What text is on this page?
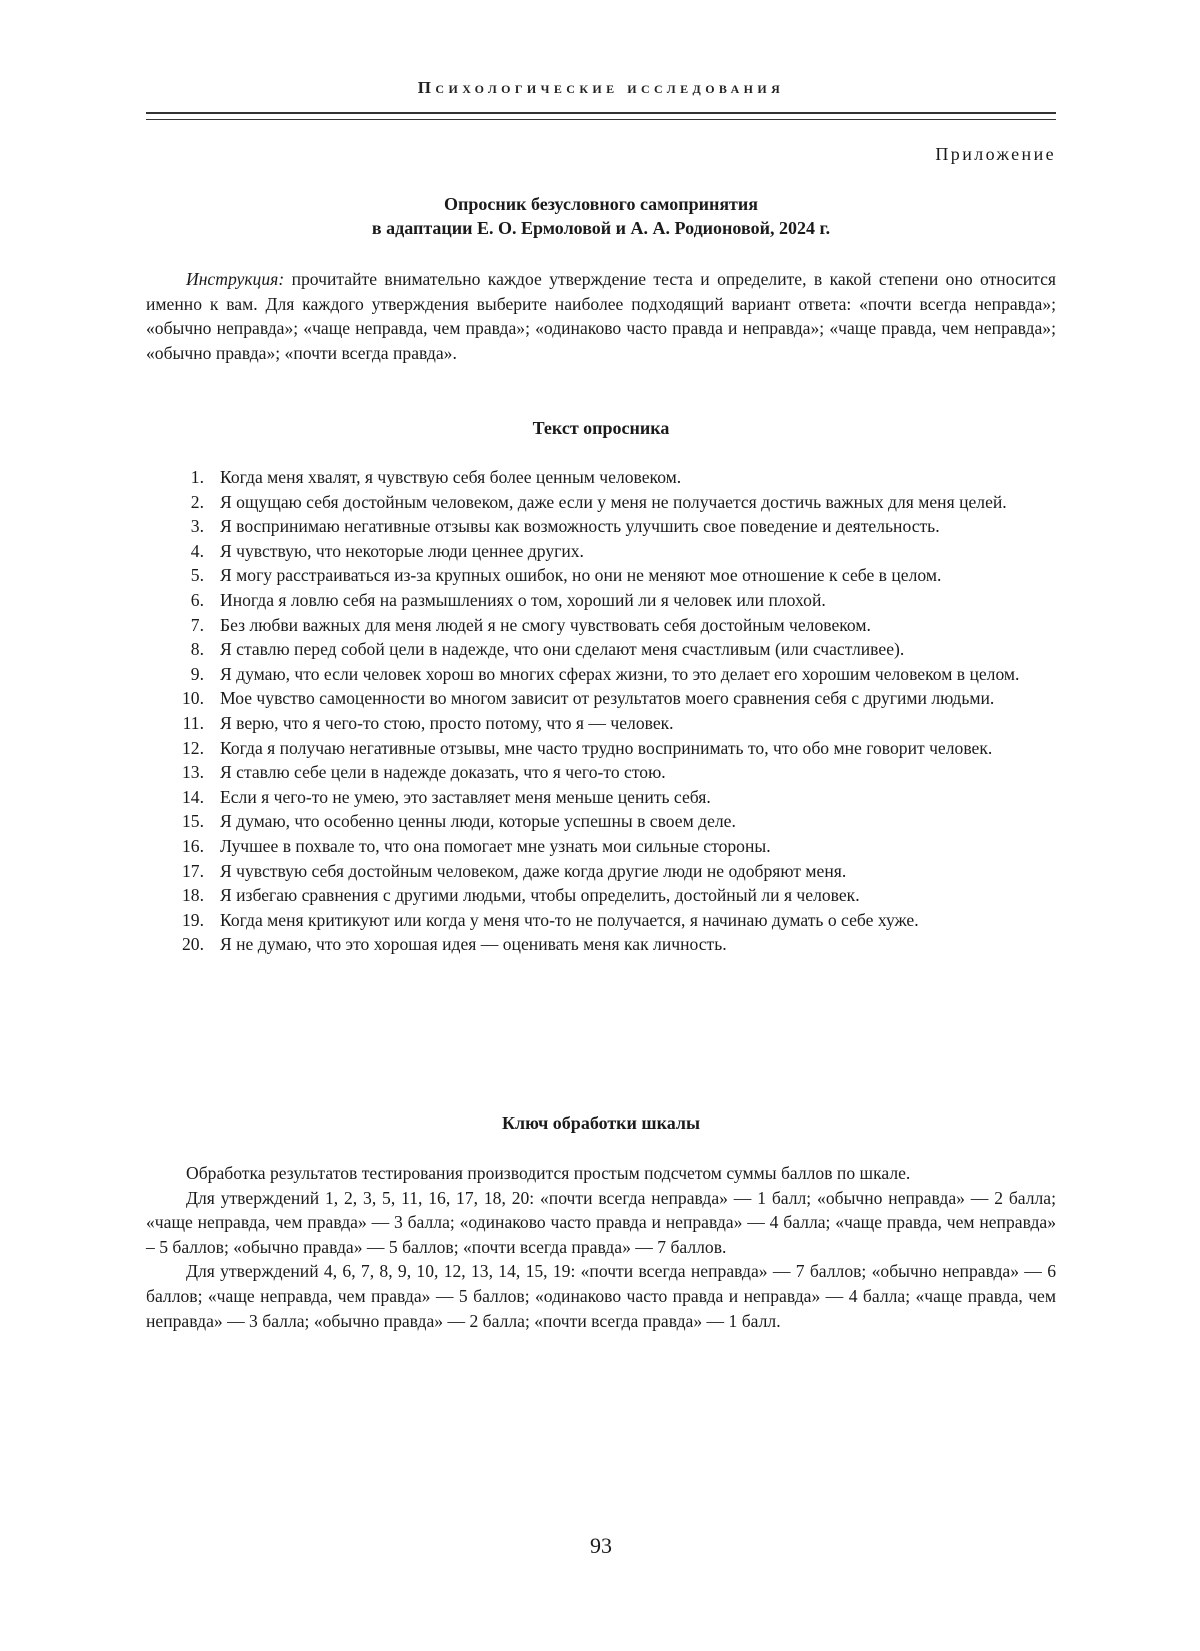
Психологические исследования
Приложение
Опросник безусловного самопринятия
в адаптации Е. О. Ермоловой и А. А. Родионовой, 2024 г.

Инструкция: прочитайте внимательно каждое утверждение теста и определите, в какой степени оно относится именно к вам. Для каждого утверждения выберите наиболее подходящий вариант ответа: «почти всегда неправда»; «обычно неправда»; «чаще неправда, чем правда»; «одинаково часто правда и неправда»; «чаще правда, чем неправда»; «обычно правда»; «почти всегда правда».

Текст опросника
1. Когда меня хвалят, я чувствую себя более ценным человеком.
2. Я ощущаю себя достойным человеком, даже если у меня не получается достичь важных для меня целей.
3. Я воспринимаю негативные отзывы как возможность улучшить свое поведение и деятельность.
4. Я чувствую, что некоторые люди ценнее других.
5. Я могу расстраиваться из-за крупных ошибок, но они не меняют мое отношение к себе в целом.
6. Иногда я ловлю себя на размышлениях о том, хороший ли я человек или плохой.
7. Без любви важных для меня людей я не смогу чувствовать себя достойным человеком.
8. Я ставлю перед собой цели в надежде, что они сделают меня счастливым (или счастливее).
9. Я думаю, что если человек хорош во многих сферах жизни, то это делает его хорошим человеком в целом.
10. Мое чувство самоценности во многом зависит от результатов моего сравнения себя с другими людьми.
11. Я верю, что я чего-то стою, просто потому, что я — человек.
12. Когда я получаю негативные отзывы, мне часто трудно воспринимать то, что обо мне говорит человек.
13. Я ставлю себе цели в надежде доказать, что я чего-то стою.
14. Если я чего-то не умею, это заставляет меня меньше ценить себя.
15. Я думаю, что особенно ценны люди, которые успешны в своем деле.
16. Лучшее в похвале то, что она помогает мне узнать мои сильные стороны.
17. Я чувствую себя достойным человеком, даже когда другие люди не одобряют меня.
18. Я избегаю сравнения с другими людьми, чтобы определить, достойный ли я человек.
19. Когда меня критикуют или когда у меня что-то не получается, я начинаю думать о себе хуже.
20. Я не думаю, что это хорошая идея — оценивать меня как личность.
Ключ обработки шкалы

Обработка результатов тестирования производится простым подсчетом суммы баллов по шкале.

Для утверждений 1, 2, 3, 5, 11, 16, 17, 18, 20: «почти всегда неправда» — 1 балл; «обычно неправда» — 2 балла; «чаще неправда, чем правда» — 3 балла; «одинаково часто правда и неправда» — 4 балла; «чаще правда, чем неправда» – 5 баллов; «обычно правда» — 5 баллов; «почти всегда правда» — 7 баллов.

Для утверждений 4, 6, 7, 8, 9, 10, 12, 13, 14, 15, 19: «почти всегда неправда» — 7 баллов; «обычно неправда» — 6 баллов; «чаще неправда, чем правда» — 5 баллов; «одинаково часто правда и неправда» — 4 балла; «чаще правда, чем неправда» — 3 балла; «обычно правда» — 2 балла; «почти всегда правда» — 1 балл.

93
